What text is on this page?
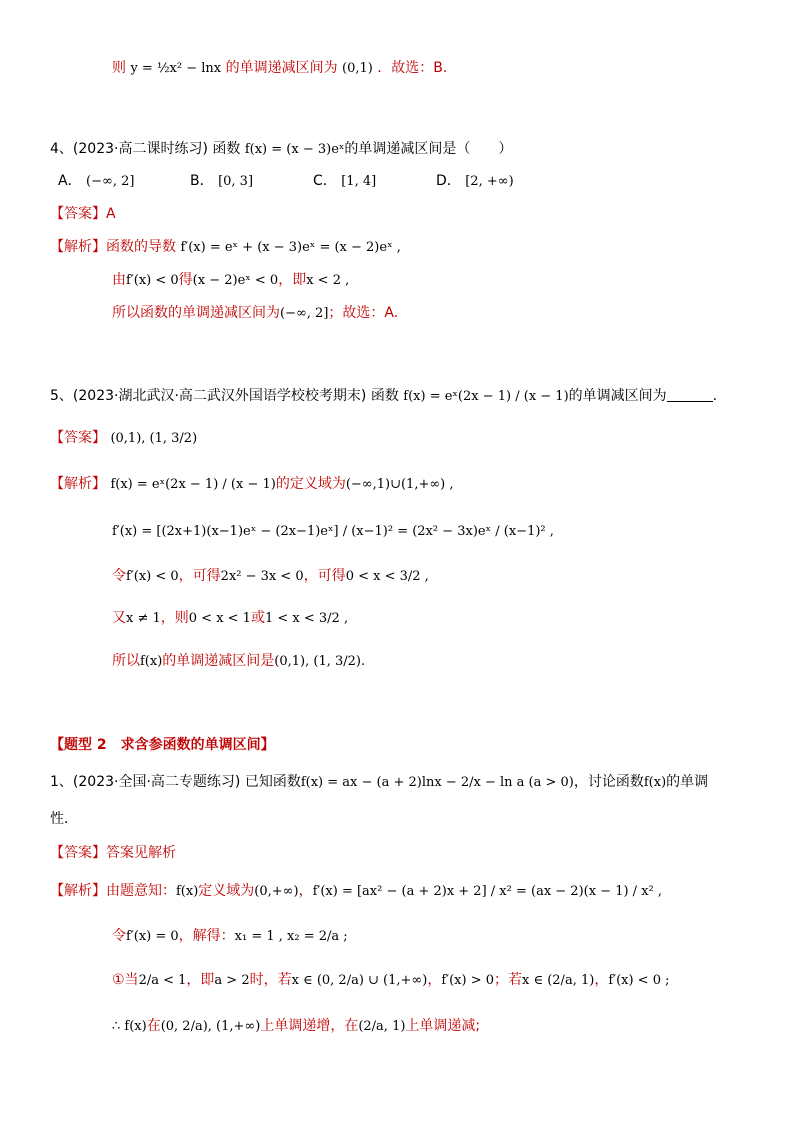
则 y = ½x² − lnx 的单调递减区间为 (0,1) ．故选：B.
4、(2023·高二课时练习) 函数 f(x) = (x − 3)eˣ的单调递减区间是（　　）
A． (−∞, 2]	B． [0, 3]	C． [1, 4]	D． [2, +∞)
【答案】A
【解析】函数的导数 f′(x) = eˣ + (x − 3)eˣ = (x − 2)eˣ ,
由f′(x) < 0得(x − 2)eˣ < 0，即x < 2 ,
所以函数的单调递减区间为(−∞, 2]；故选：A.
5、(2023·湖北武汉·高二武汉外国语学校校考期末) 函数 f(x) = eˣ(2x − 1) / (x − 1)的单调减区间为	.
【答案】 (0,1), (1, 3/2)
【解析】 f(x) = eˣ(2x − 1) / (x − 1)的定义域为(−∞,1)∪(1,+∞) ,
f′(x) = [(2x+1)(x−1)eˣ − (2x−1)eˣ] / (x−1)² = (2x² − 3x)eˣ / (x−1)² ,
令f′(x) < 0，可得2x² − 3x < 0，可得0 < x < 3/2 ,
又x ≠ 1，则0 < x < 1或1 < x < 3/2 ,
所以f(x)的单调递减区间是(0,1), (1, 3/2).
【题型 2　求含参函数的单调区间】
1、(2023·全国·高二专题练习) 已知函数f(x) = ax − (a + 2)lnx − 2/x − ln a (a > 0)，讨论函数f(x)的单调
性．
【答案】答案见解析
【解析】由题意知：f(x)定义域为(0,+∞)，f′(x) = [ax² − (a + 2)x + 2] / x² = (ax − 2)(x − 1) / x² ,
令f′(x) = 0，解得：x₁ = 1 , x₂ = 2/a ;
①当2/a < 1，即a > 2时，若x ∈ (0, 2/a) ∪ (1,+∞)，f′(x) > 0；若x ∈ (2/a, 1)，f′(x) < 0 ;
∴ f(x)在(0, 2/a), (1,+∞)上单调递增，在(2/a, 1)上单调递减;
